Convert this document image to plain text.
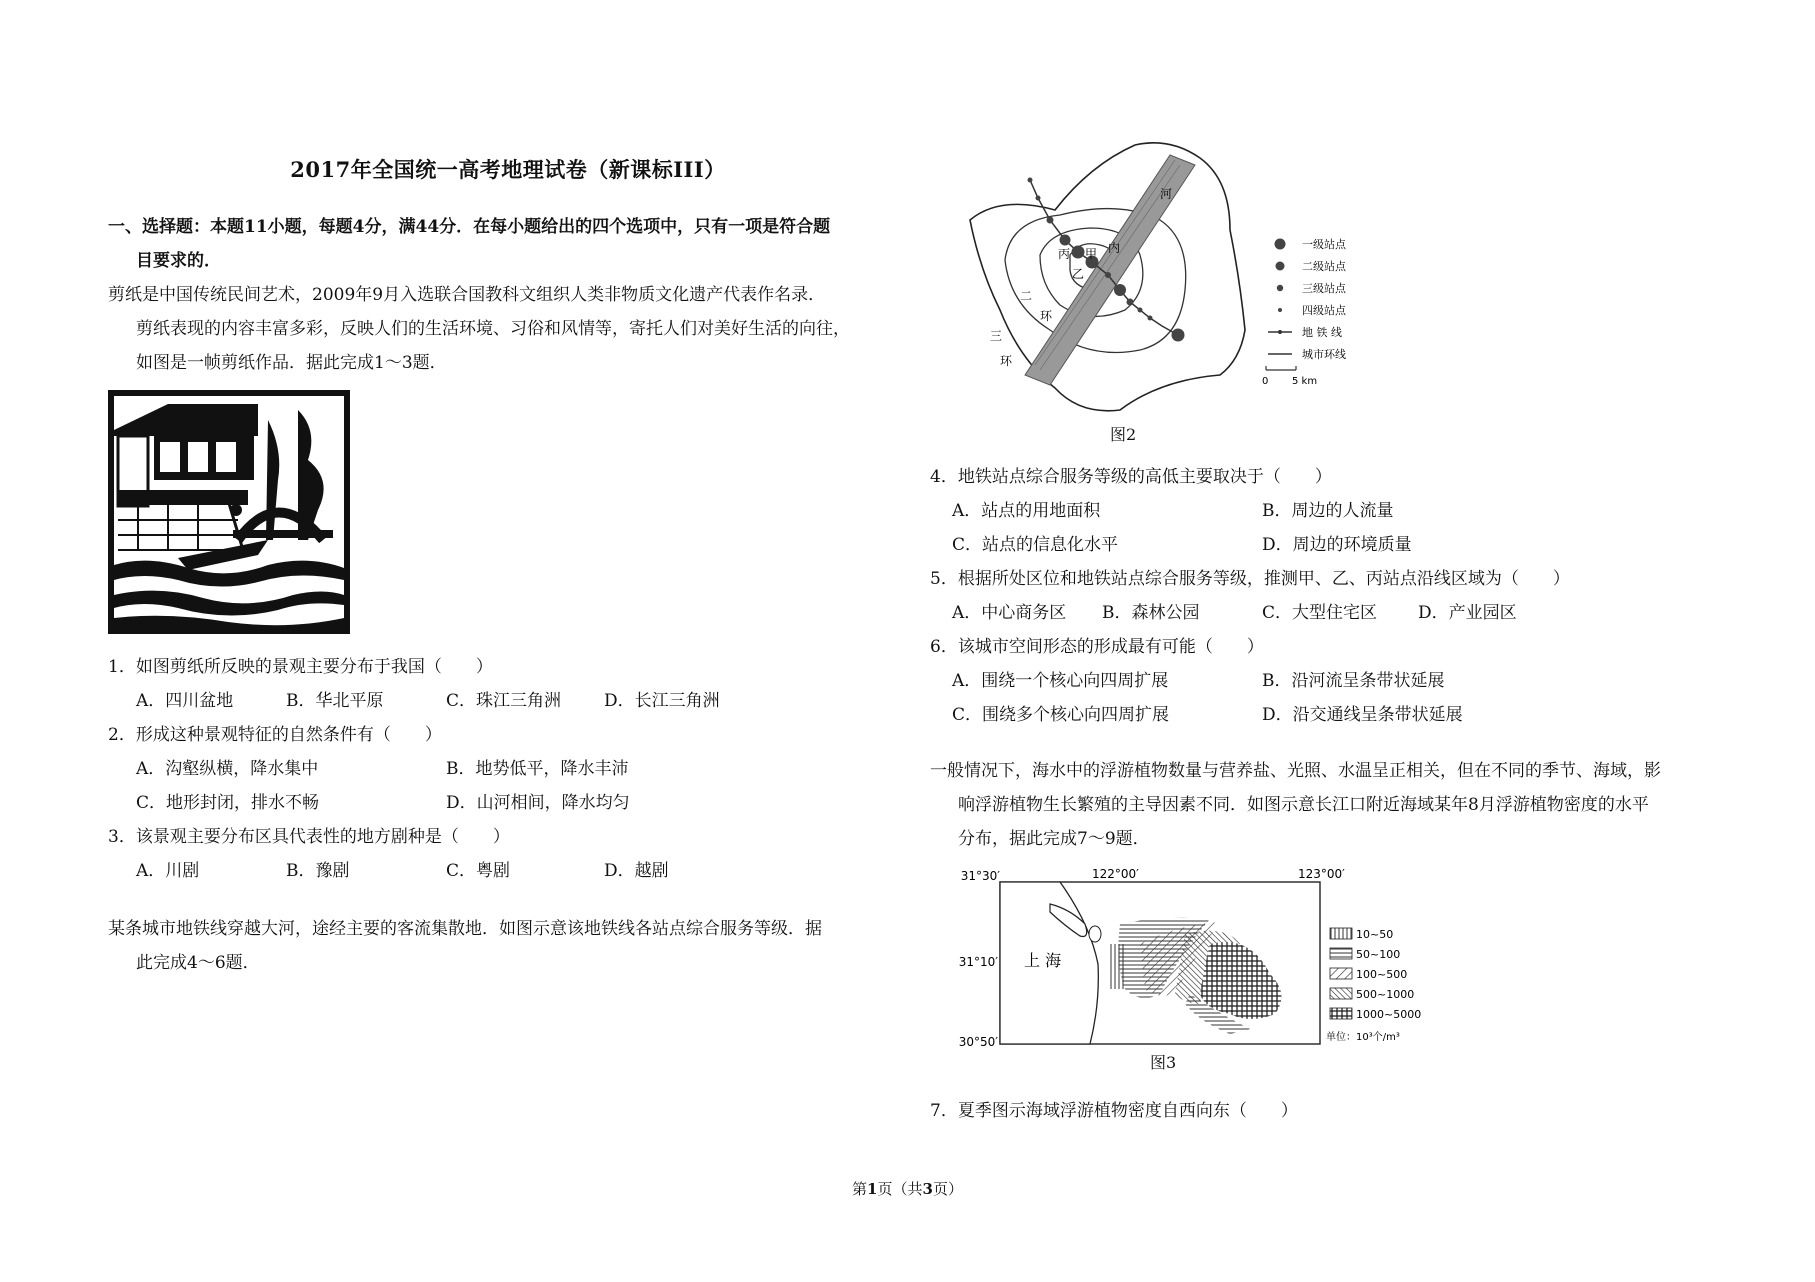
2017年全国统一高考地理试卷（新课标III）
一、选择题：本题11小题，每题4分，满44分．在每小题给出的四个选项中，只有一项是符合题
目要求的．
剪纸是中国传统民间艺术，2009年9月入选联合国教科文组织人类非物质文化遗产代表作名录．
剪纸表现的内容丰富多彩，反映人们的生活环境、习俗和风情等，寄托人们对美好生活的向往，
如图是一帧剪纸作品．据此完成1～3题．
1．如图剪纸所反映的景观主要分布于我国（　　）
A．四川盆地	B．华北平原	C．珠江三角洲	D．长江三角洲
2．形成这种景观特征的自然条件有（　　）
A．沟壑纵横，降水集中	B．地势低平，降水丰沛
C．地形封闭，排水不畅	D．山河相间，降水均匀
3．该景观主要分布区具代表性的地方剧种是（　　）
A．川剧	B．豫剧	C．粤剧	D．越剧
某条城市地铁线穿越大河，途经主要的客流集散地．如图示意该地铁线各站点综合服务等级．据
此完成4～6题．
丙 甲
乙
内
河
二
环
三
环
一级站点
二级站点
三级站点
四级站点
地 铁 线
城市环线
0 5 km
图2
4．地铁站点综合服务等级的高低主要取决于（　　）
A．站点的用地面积	B．周边的人流量
C．站点的信息化水平	D．周边的环境质量
5．根据所处区位和地铁站点综合服务等级，推测甲、乙、丙站点沿线区域为（　　）
A．中心商务区 B．森林公园	C．大型住宅区 D．产业园区
6．该城市空间形态的形成最有可能（　　）
A．围绕一个核心向四周扩展	B．沿河流呈条带状延展
C．围绕多个核心向四周扩展	D．沿交通线呈条带状延展
一般情况下，海水中的浮游植物数量与营养盐、光照、水温呈正相关，但在不同的季节、海域，影
响浮游植物生长繁殖的主导因素不同．如图示意长江口附近海域某年8月浮游植物密度的水平
分布，据此完成7～9题．
31°30′
31°10′
30°50′
122°00′	123°00′
上 海
10~50
50~100
100~500
500~1000
1000~5000
单位：10³个/m³
图3
7．夏季图示海域浮游植物密度自西向东（　　）
第1页（共3页）
